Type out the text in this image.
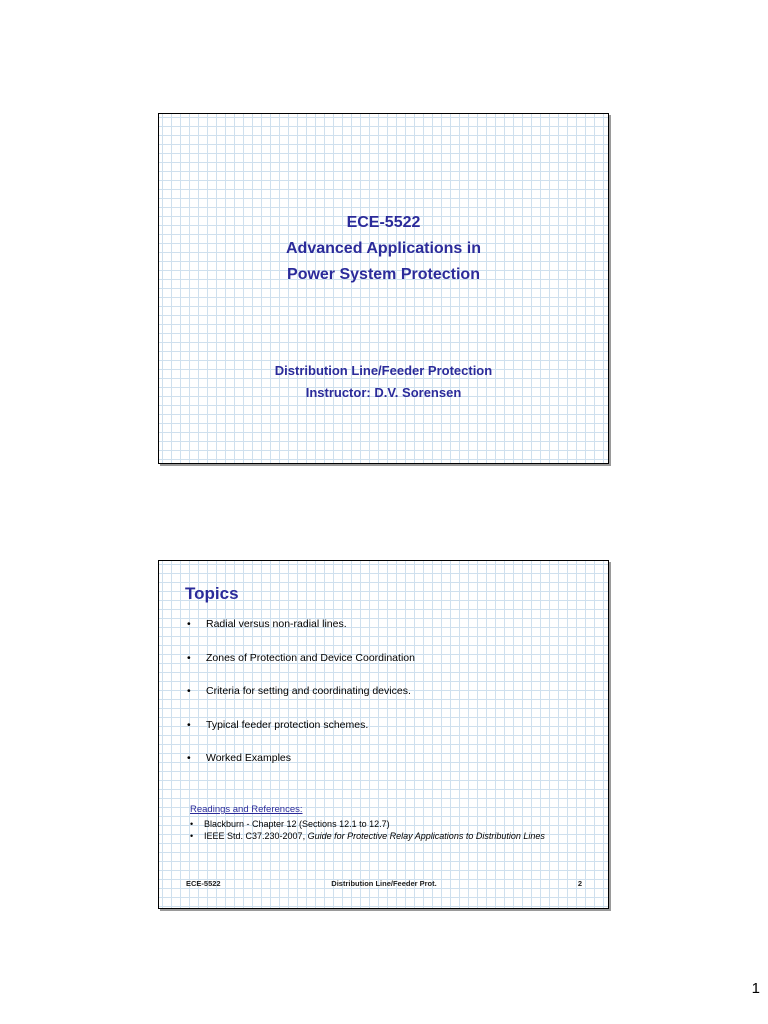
ECE-5522
Advanced Applications in
Power System Protection
Distribution Line/Feeder Protection
Instructor: D.V. Sorensen
Topics
• Radial versus non-radial lines.
• Zones of Protection and Device Coordination
• Criteria for setting and coordinating devices.
• Typical feeder protection schemes.
• Worked Examples
Readings and References:
• Blackburn - Chapter 12 (Sections 12.1 to 12.7)
• IEEE Std. C37.230-2007, Guide for Protective Relay Applications to Distribution Lines
ECE-5522	Distribution Line/Feeder Prot.	2
1
